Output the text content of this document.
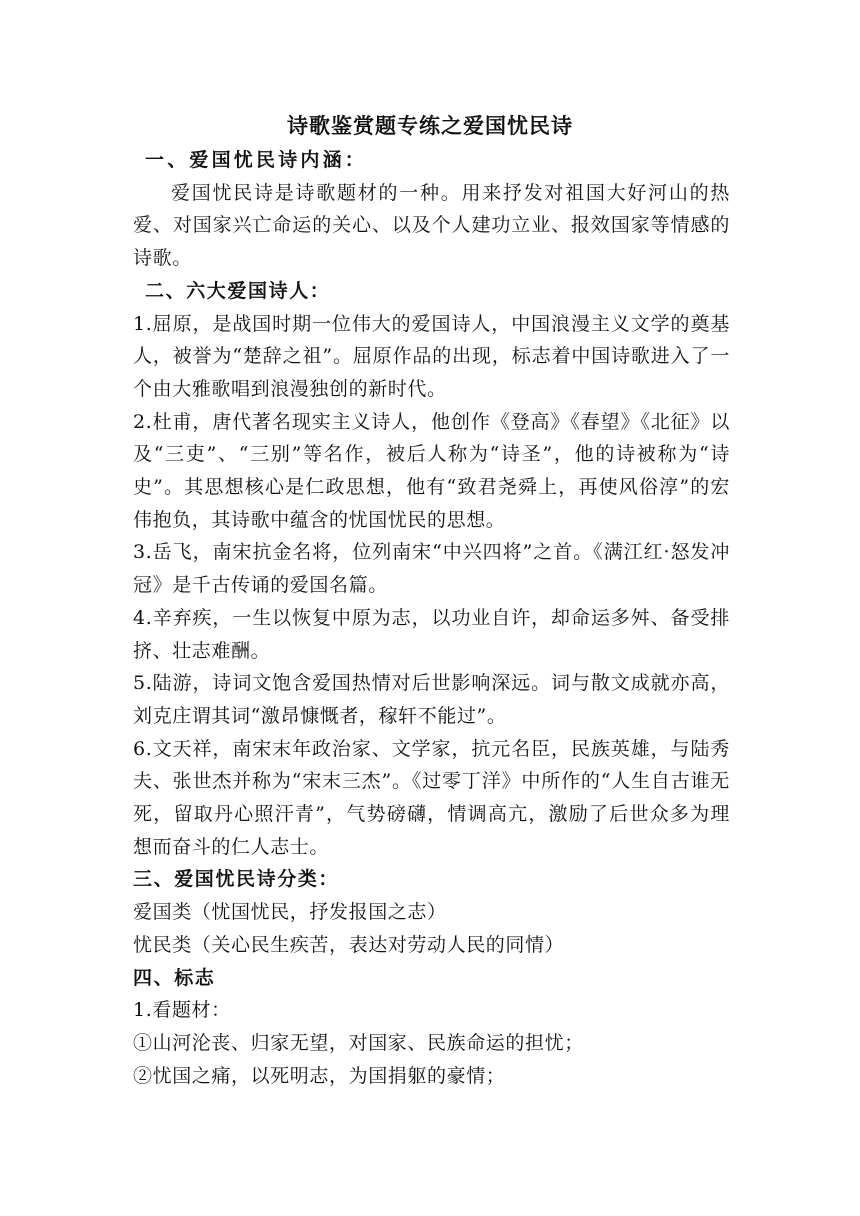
诗歌鉴赏题专练之爱国忧民诗

一、爱国忧民诗内涵：

爱国忧民诗是诗歌题材的一种。用来抒发对祖国大好河山的热爱、对国家兴亡命运的关心、以及个人建功立业、报效国家等情感的诗歌。

二、六大爱国诗人：

1.屈原，是战国时期一位伟大的爱国诗人，中国浪漫主义文学的奠基人，被誉为“楚辞之祖”。屈原作品的出现，标志着中国诗歌进入了一个由大雅歌唱到浪漫独创的新时代。

2.杜甫，唐代著名现实主义诗人，他创作《登高》《春望》《北征》以及“三吏”、“三别”等名作，被后人称为“诗圣”，他的诗被称为“诗史”。其思想核心是仁政思想，他有“致君尧舜上，再使风俗淳”的宏伟抱负，其诗歌中蕴含的忧国忧民的思想。

3.岳飞，南宋抗金名将，位列南宋“中兴四将”之首。《满江红·怒发冲冠》是千古传诵的爱国名篇。

4.辛弃疾，一生以恢复中原为志，以功业自许，却命运多舛、备受排挤、壮志难酬。

5.陆游，诗词文饱含爱国热情对后世影响深远。词与散文成就亦高，刘克庄谓其词“激昂慷慨者，稼轩不能过”。

6.文天祥，南宋末年政治家、文学家，抗元名臣，民族英雄，与陆秀夫、张世杰并称为“宋末三杰”。《过零丁洋》中所作的“人生自古谁无死，留取丹心照汗青”，气势磅礴，情调高亢，激励了后世众多为理想而奋斗的仁人志士。

三、爱国忧民诗分类：

爱国类（忧国忧民，抒发报国之志）

忧民类（关心民生疾苦，表达对劳动人民的同情）

四、标志

1.看题材：

①山河沦丧、归家无望，对国家、民族命运的担忧；

②忧国之痛，以死明志，为国捐躯的豪情；
